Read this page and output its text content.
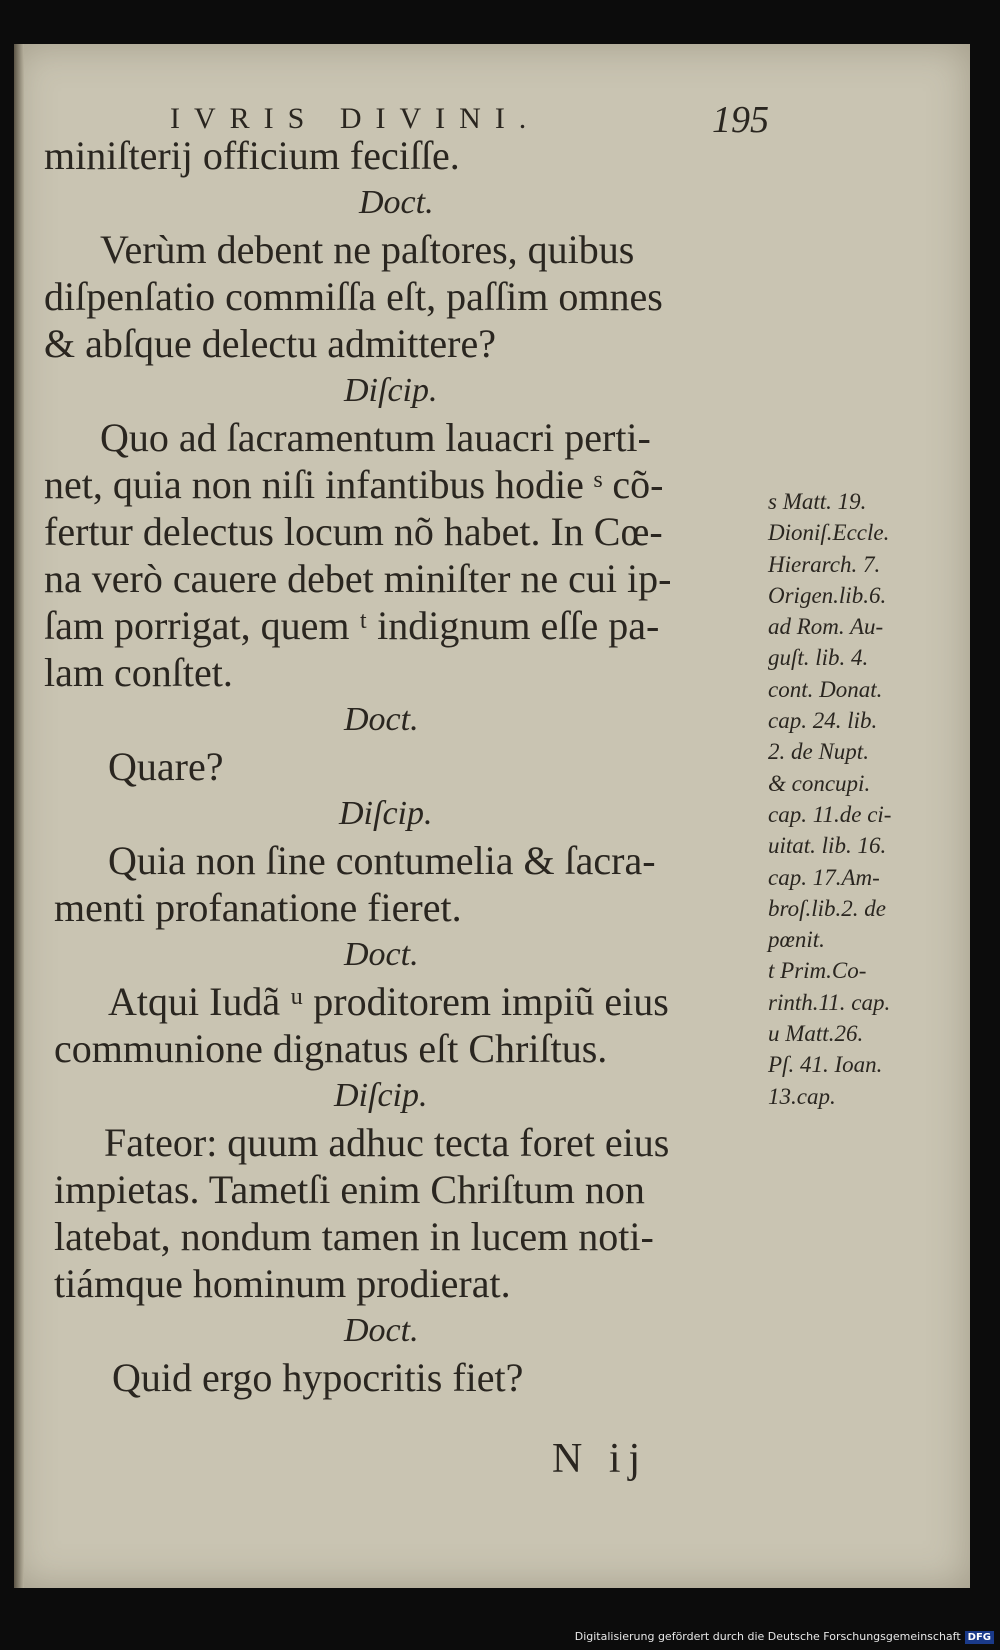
IVRIS DIVINI.	195
miniſterij officium feciſſe.
Doct.
Verùm debent ne paſtores, quibus
diſpenſatio commiſſa eſt, paſſim omnes
& abſque delectu admittere?
Diſcip.
Quo ad ſacramentum lauacri perti-
net, quia non niſi infantibus hodie ˢ cõ-
fertur delectus locum nõ habet. In Cœ-
na verò cauere debet miniſter ne cui ip-
ſam porrigat, quem ᵗ indignum eſſe pa-
lam conſtet.
Doct.
Quare?
Diſcip.
Quia non ſine contumelia & ſacra-
menti profanatione fieret.
Doct.
Atqui Iudã ᵘ proditorem impiũ eius
communione dignatus eſt Chriſtus.
Diſcip.
Fateor: quum adhuc tecta foret eius
impietas. Tametſi enim Chriſtum non
latebat, nondum tamen in lucem noti-
tiámque hominum prodierat.
Doct.
Quid ergo hypocritis fiet?
N ij
s Matt. 19.
Dioniſ.Eccle.
Hierarch. 7.
Origen.lib.6.
ad Rom. Au-
guſt. lib. 4.
cont. Donat.
cap. 24. lib.
2. de Nupt.
& concupi.
cap. 11.de ci-
uitat. lib. 16.
cap. 17.Am-
broſ.lib.2. de
pœnit.
t Prim.Co-
rinth.11. cap.
u Matt.26.
Pſ. 41. Ioan.
13.cap.
Digitalisierung gefördert durch die Deutsche Forschungsgemeinschaft DFG
